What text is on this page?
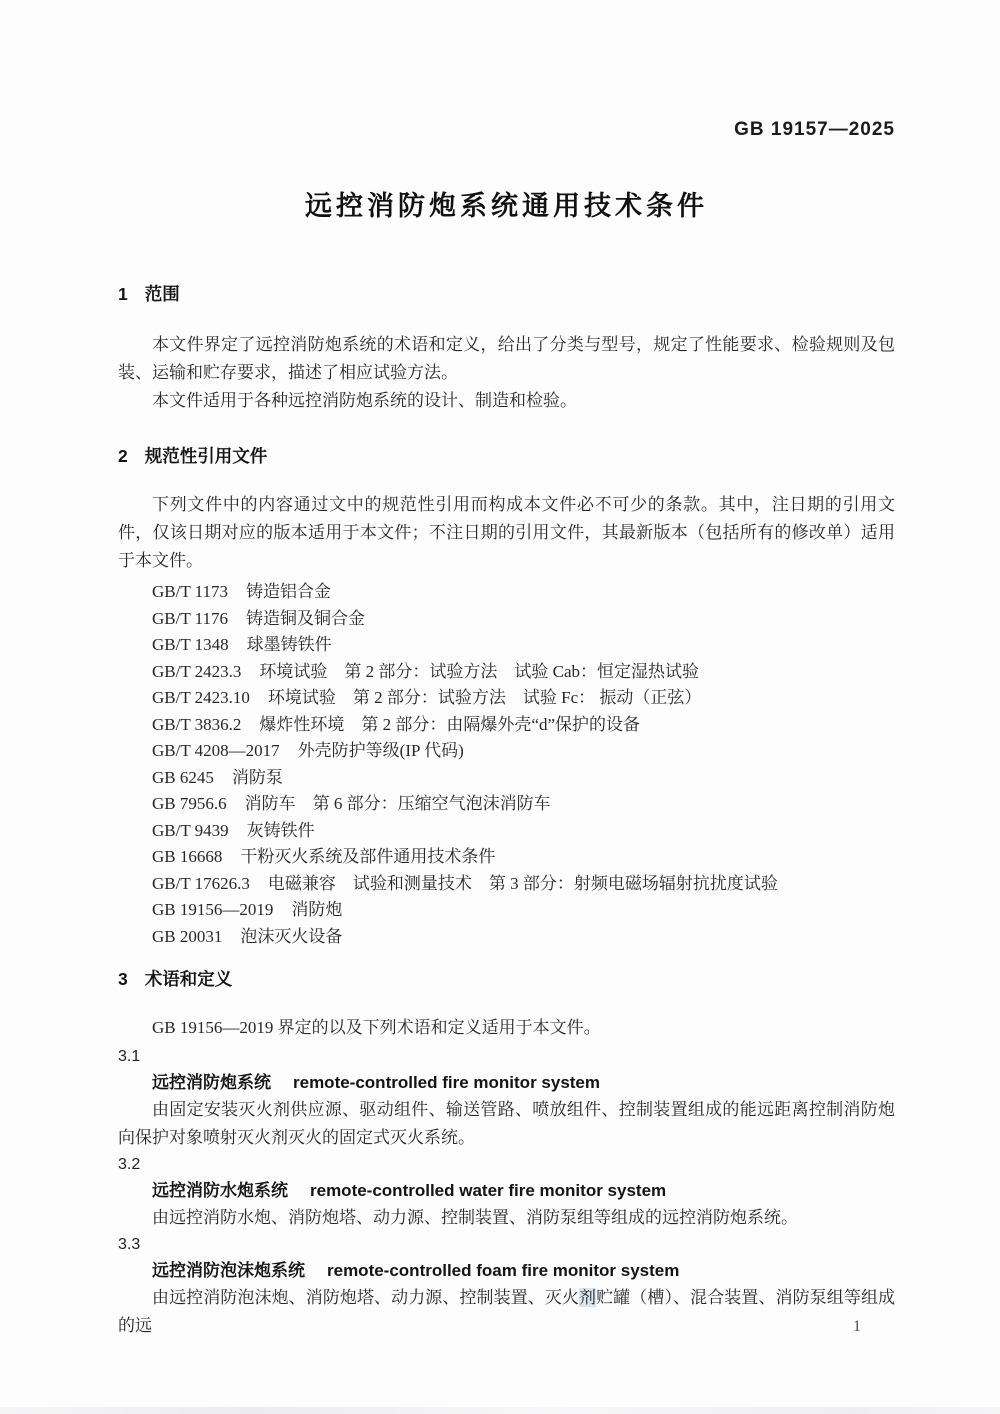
GB 19157—2025
远控消防炮系统通用技术条件
1 范围

本文件界定了远控消防炮系统的术语和定义，给出了分类与型号，规定了性能要求、检验规则及包装、运输和贮存要求，描述了相应试验方法。

本文件适用于各种远控消防炮系统的设计、制造和检验。

2 规范性引用文件

下列文件中的内容通过文中的规范性引用而构成本文件必不可少的条款。其中，注日期的引用文件，仅该日期对应的版本适用于本文件；不注日期的引用文件，其最新版本（包括所有的修改单）适用于本文件。

GB/T 1173 铸造铝合金
GB/T 1176 铸造铜及铜合金
GB/T 1348 球墨铸铁件
GB/T 2423.3 环境试验　第 2 部分：试验方法　试验 Cab：恒定湿热试验
GB/T 2423.10 环境试验　第 2 部分：试验方法　试验 Fc： 振动（正弦）
GB/T 3836.2 爆炸性环境　第 2 部分：由隔爆外壳“d”保护的设备
GB/T 4208—2017 外壳防护等级(IP 代码)
GB 6245 消防泵
GB 7956.6 消防车　第 6 部分：压缩空气泡沫消防车
GB/T 9439 灰铸铁件
GB 16668 干粉灭火系统及部件通用技术条件
GB/T 17626.3 电磁兼容　试验和测量技术　第 3 部分：射频电磁场辐射抗扰度试验
GB 19156—2019 消防炮
GB 20031 泡沫灭火设备
3 术语和定义

GB 19156—2019 界定的以及下列术语和定义适用于本文件。

3.1
远控消防炮系统 remote-controlled fire monitor system

由固定安装灭火剂供应源、驱动组件、输送管路、喷放组件、控制装置组成的能远距离控制消防炮向保护对象喷射灭火剂灭火的固定式灭火系统。

3.2
远控消防水炮系统 remote-controlled water fire monitor system

由远控消防水炮、消防炮塔、动力源、控制装置、消防泵组等组成的远控消防炮系统。

3.3
远控消防泡沫炮系统 remote-controlled foam fire monitor system

由远控消防泡沫炮、消防炮塔、动力源、控制装置、灭火剂贮罐（槽）、混合装置、消防泵组等组成的远	1
